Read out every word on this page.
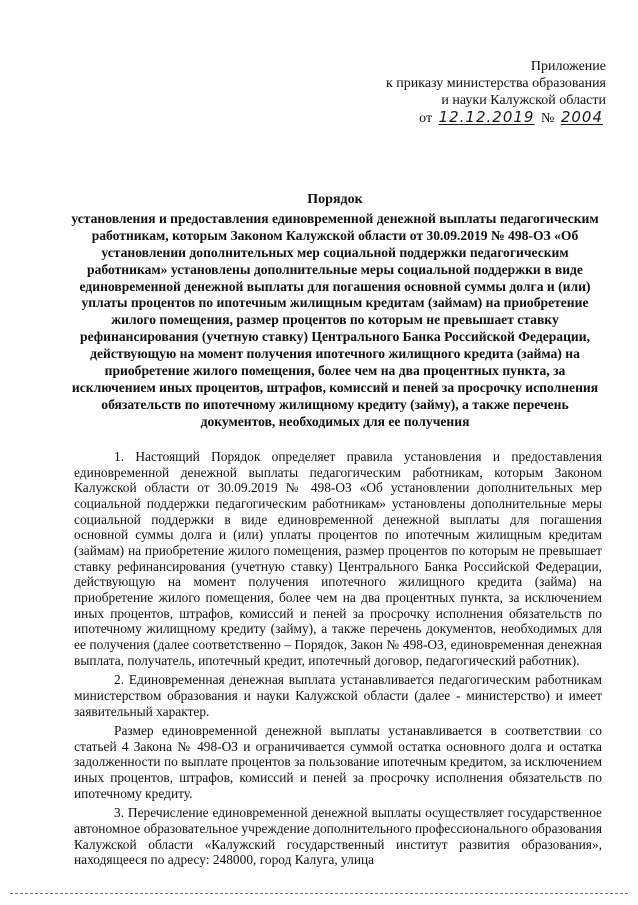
Приложение
к приказу министерства образования
и науки Калужской области
от 12.12.2019 № 2004
Порядок
установления и предоставления единовременной денежной выплаты педагогическим работникам, которым Законом Калужской области от 30.09.2019 № 498-ОЗ «Об установлении дополнительных мер социальной поддержки педагогическим работникам» установлены дополнительные меры социальной поддержки в виде единовременной денежной выплаты для погашения основной суммы долга и (или) уплаты процентов по ипотечным жилищным кредитам (займам) на приобретение жилого помещения, размер процентов по которым не превышает ставку рефинансирования (учетную ставку) Центрального Банка Российской Федерации, действующую на момент получения ипотечного жилищного кредита (займа) на приобретение жилого помещения, более чем на два процентных пункта, за исключением иных процентов, штрафов, комиссий и пеней за просрочку исполнения обязательств по ипотечному жилищному кредиту (займу), а также перечень документов, необходимых для ее получения

1. Настоящий Порядок определяет правила установления и предоставления единовременной денежной выплаты педагогическим работникам, которым Законом Калужской области от 30.09.2019 № 498-ОЗ «Об установлении дополнительных мер социальной поддержки педагогическим работникам» установлены дополнительные меры социальной поддержки в виде единовременной денежной выплаты для погашения основной суммы долга и (или) уплаты процентов по ипотечным жилищным кредитам (займам) на приобретение жилого помещения, размер процентов по которым не превышает ставку рефинансирования (учетную ставку) Центрального Банка Российской Федерации, действующую на момент получения ипотечного жилищного кредита (займа) на приобретение жилого помещения, более чем на два процентных пункта, за исключением иных процентов, штрафов, комиссий и пеней за просрочку исполнения обязательств по ипотечному жилищному кредиту (займу), а также перечень документов, необходимых для ее получения (далее соответственно – Порядок, Закон № 498-ОЗ, единовременная денежная выплата, получатель, ипотечный кредит, ипотечный договор, педагогический работник).

2. Единовременная денежная выплата устанавливается педагогическим работникам министерством образования и науки Калужской области (далее - министерство) и имеет заявительный характер.

Размер единовременной денежной выплаты устанавливается в соответствии со статьей 4 Закона № 498-ОЗ и ограничивается суммой остатка основного долга и остатка задолженности по выплате процентов за пользование ипотечным кредитом, за исключением иных процентов, штрафов, комиссий и пеней за просрочку исполнения обязательств по ипотечному кредиту.

3. Перечисление единовременной денежной выплаты осуществляет государственное автономное образовательное учреждение дополнительного профессионального образования Калужской области «Калужский государственный институт развития образования», находящееся по адресу: 248000, город Калуга, улица
